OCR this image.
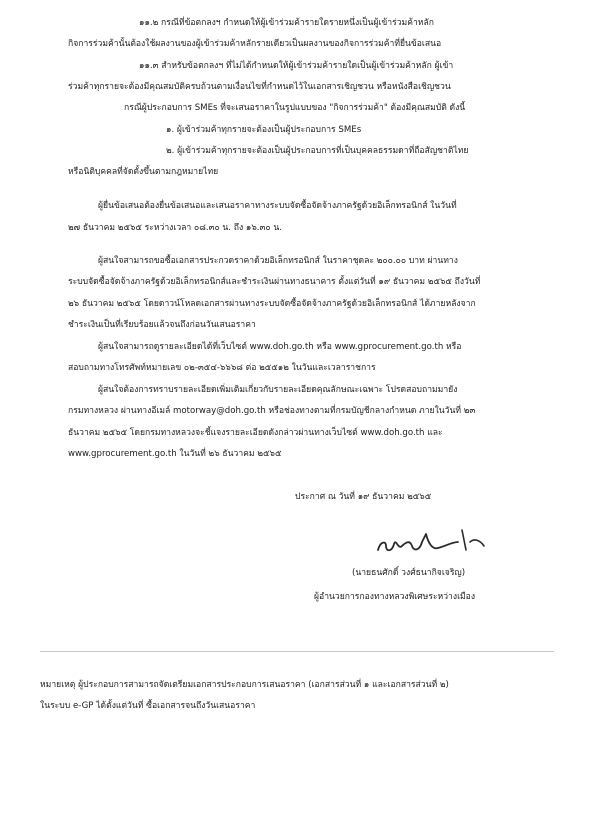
๑๑.๒ กรณีที่ข้อตกลงฯ กำหนดให้ผู้เข้าร่วมค้ารายใดรายหนึ่งเป็นผู้เข้าร่วมค้าหลัก
กิจการร่วมค้านั้นต้องใช้ผลงานของผู้เข้าร่วมค้าหลักรายเดียวเป็นผลงานของกิจการร่วมค้าที่ยื่นข้อเสนอ
๑๑.๓ สำหรับข้อตกลงฯ ที่ไม่ได้กำหนดให้ผู้เข้าร่วมค้ารายใดเป็นผู้เข้าร่วมค้าหลัก ผู้เข้า
ร่วมค้าทุกรายจะต้องมีคุณสมบัติครบถ้วนตามเงื่อนไขที่กำหนดไว้ในเอกสารเชิญชวน หรือหนังสือเชิญชวน
กรณีผู้ประกอบการ SMEs ที่จะเสนอราคาในรูปแบบของ "กิจการร่วมค้า" ต้องมีคุณสมบัติ ดังนี้
๑. ผู้เข้าร่วมค้าทุกรายจะต้องเป็นผู้ประกอบการ SMEs
๒. ผู้เข้าร่วมค้าทุกรายจะต้องเป็นผู้ประกอบการที่เป็นบุคคลธรรมดาที่ถือสัญชาติไทย
หรือนิติบุคคลที่จัดตั้งขึ้นตามกฎหมายไทย
ผู้ยื่นข้อเสนอต้องยื่นข้อเสนอและเสนอราคาทางระบบจัดซื้อจัดจ้างภาครัฐด้วยอิเล็กทรอนิกส์ ในวันที่
๒๗ ธันวาคม ๒๕๖๕ ระหว่างเวลา ๐๘.๓๐ น. ถึง ๑๖.๓๐ น.
ผู้สนใจสามารถขอซื้อเอกสารประกวดราคาด้วยอิเล็กทรอนิกส์ ในราคาชุดละ ๒๐๐.๐๐ บาท ผ่านทาง
ระบบจัดซื้อจัดจ้างภาครัฐด้วยอิเล็กทรอนิกส์และชำระเงินผ่านทางธนาคาร ตั้งแต่วันที่ ๑๙ ธันวาคม ๒๕๖๕ ถึงวันที่
๒๖ ธันวาคม ๒๕๖๕ โดยดาวน์โหลดเอกสารผ่านทางระบบจัดซื้อจัดจ้างภาครัฐด้วยอิเล็กทรอนิกส์ ได้ภายหลังจาก
ชำระเงินเป็นที่เรียบร้อยแล้วจนถึงก่อนวันเสนอราคา
ผู้สนใจสามารถดูรายละเอียดได้ที่เว็บไซต์ www.doh.go.th หรือ www.gprocurement.go.th หรือ
สอบถามทางโทรศัพท์หมายเลข ๐๒-๓๕๔-๖๖๖๘ ต่อ ๒๕๕๑๒ ในวันและเวลาราชการ
ผู้สนใจต้องการทราบรายละเอียดเพิ่มเติมเกี่ยวกับรายละเอียดคุณลักษณะเฉพาะ โปรดสอบถามมายัง
กรมทางหลวง ผ่านทางอีเมล์ motorway@doh.go.th หรือช่องทางตามที่กรมบัญชีกลางกำหนด ภายในวันที่ ๒๓
ธันวาคม ๒๕๖๕ โดยกรมทางหลวงจะชี้แจงรายละเอียดดังกล่าวผ่านทางเว็บไซต์ www.doh.go.th และ
www.gprocurement.go.th ในวันที่ ๒๖ ธันวาคม ๒๕๖๕
ประกาศ ณ วันที่ ๑๙ ธันวาคม ๒๕๖๕
(นายธนศักดิ์ วงศ์ธนากิจเจริญ)
ผู้อำนวยการกองทางหลวงพิเศษระหว่างเมือง
หมายเหตุ ผู้ประกอบการสามารถจัดเตรียมเอกสารประกอบการเสนอราคา (เอกสารส่วนที่ ๑ และเอกสารส่วนที่ ๒)
ในระบบ e-GP ได้ตั้งแต่วันที่ ซื้อเอกสารจนถึงวันเสนอราคา
